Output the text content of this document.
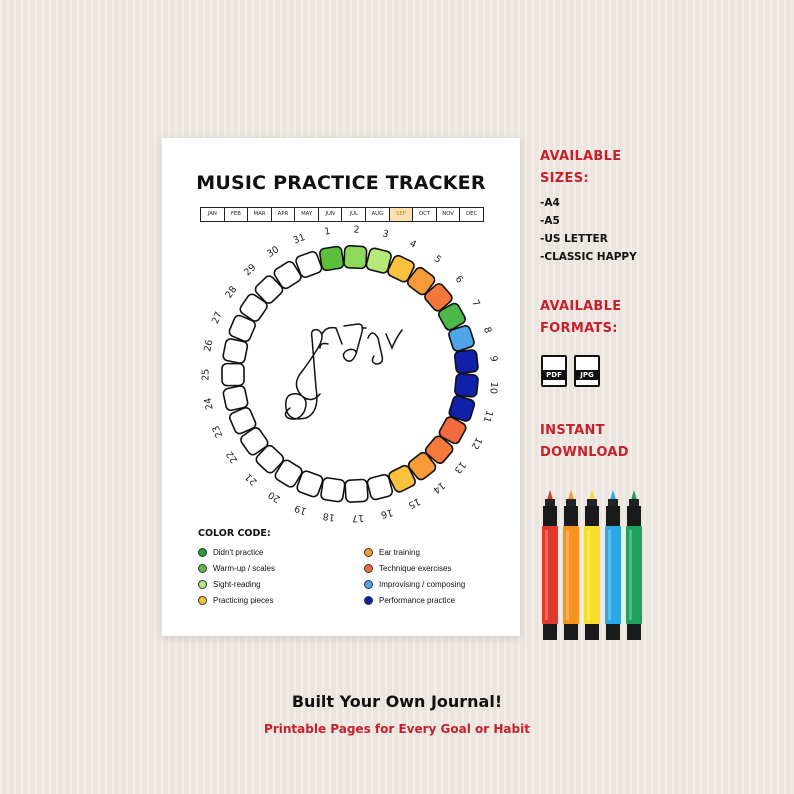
MUSIC PRACTICE TRACKER
JAN	FEB	MAR	APR	MAY	JUN	JUL	AUG	SEP	OCT	NOV	DEC
1 2 3
4
5
6
7
8
9
10
11
12
13
14
15
16
17
18
19
20
21
22
23
24
25
26
27
28
29
30
31
COLOR CODE:
Didn't practice
Warm-up / scales
Sight-reading
Practicing pieces
Ear training
Technique exercises
Improvising / composing
Performance practice
AVAILABLE
SIZES:
-A4
-A5
-US LETTER
-CLASSIC HAPPY
AVAILABLE
FORMATS:
PDF	JPG
INSTANT
DOWNLOAD
Built Your Own Journal!
Printable Pages for Every Goal or Habit
